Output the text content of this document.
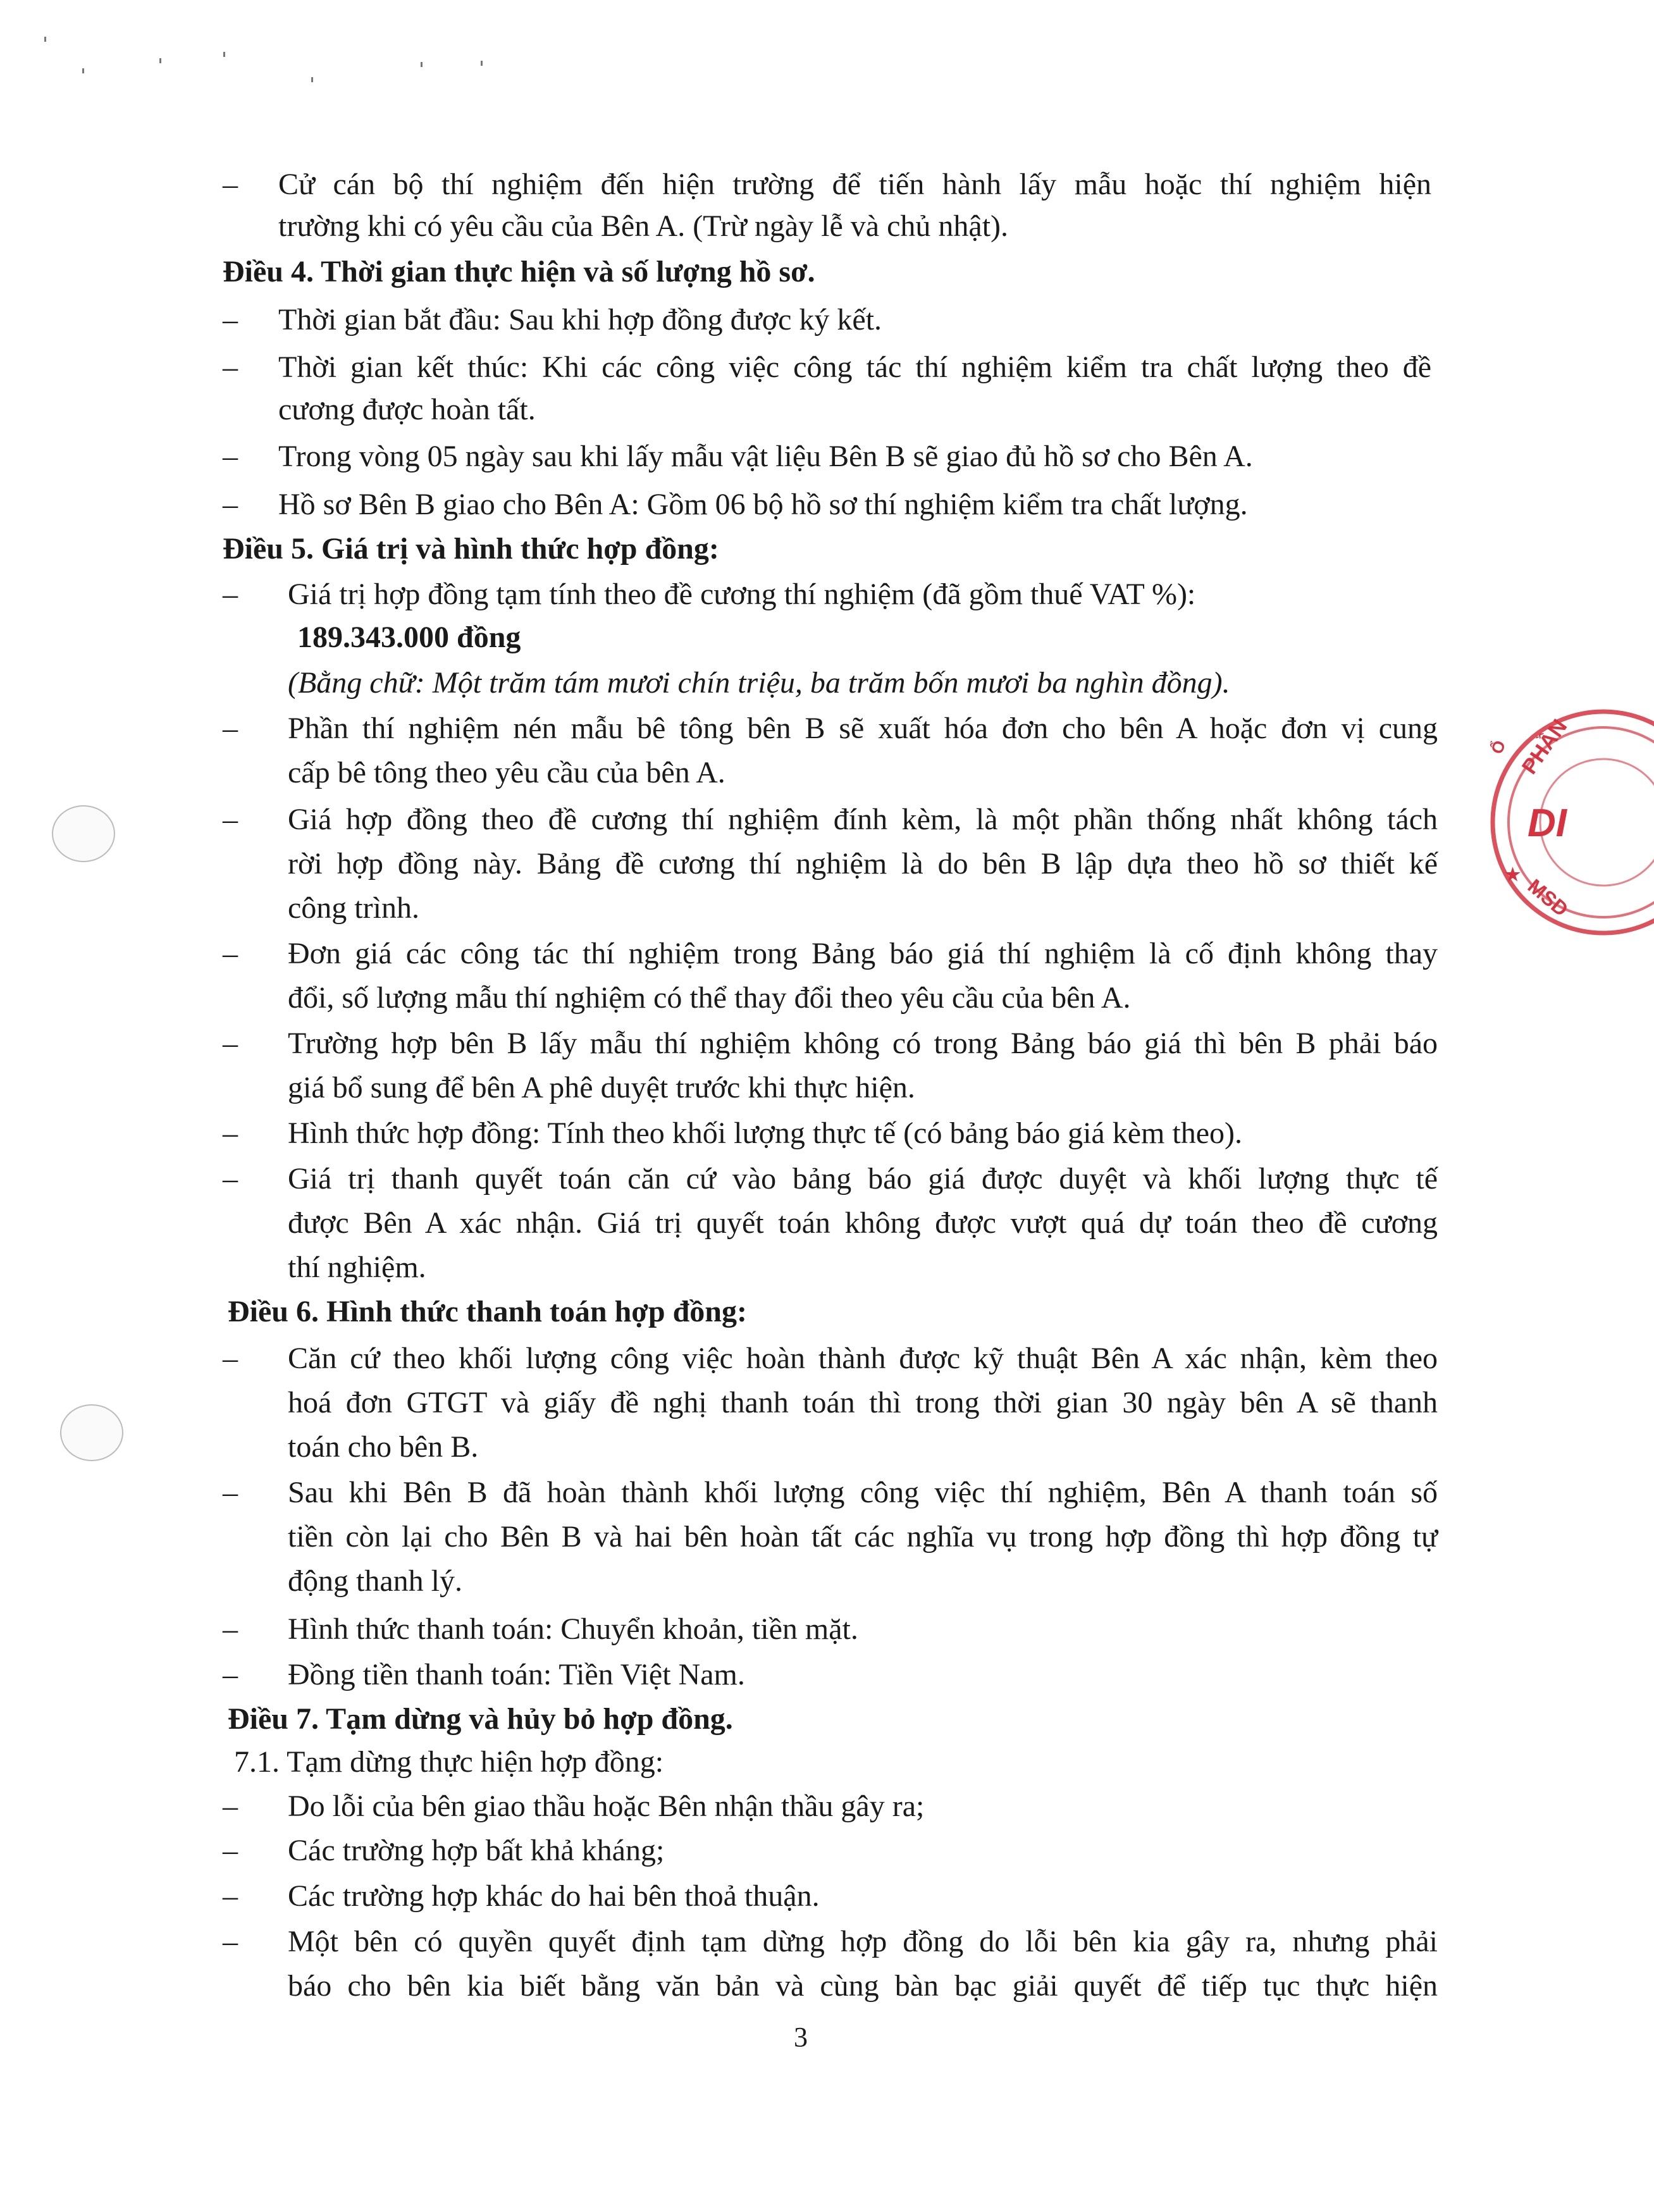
– Cử cán bộ thí nghiệm đến hiện trường để tiến hành lấy mẫu hoặc thí nghiệm hiện
trường khi có yêu cầu của Bên A. (Trừ ngày lễ và chủ nhật).
Điều 4. Thời gian thực hiện và số lượng hồ sơ.
– Thời gian bắt đầu: Sau khi hợp đồng được ký kết.
– Thời gian kết thúc: Khi các công việc công tác thí nghiệm kiểm tra chất lượng theo đề
cương được hoàn tất.
– Trong vòng 05 ngày sau khi lấy mẫu vật liệu Bên B sẽ giao đủ hồ sơ cho Bên A.
– Hồ sơ Bên B giao cho Bên A: Gồm 06 bộ hồ sơ thí nghiệm kiểm tra chất lượng.
Điều 5. Giá trị và hình thức hợp đồng:
– Giá trị hợp đồng tạm tính theo đề cương thí nghiệm (đã gồm thuế VAT %):
189.343.000 đồng
(Bằng chữ: Một trăm tám mươi chín triệu, ba trăm bốn mươi ba nghìn đồng).
– Phần thí nghiệm nén mẫu bê tông bên B sẽ xuất hóa đơn cho bên A hoặc đơn vị cung
cấp bê tông theo yêu cầu của bên A.
– Giá hợp đồng theo đề cương thí nghiệm đính kèm, là một phần thống nhất không tách
rời hợp đồng này. Bảng đề cương thí nghiệm là do bên B lập dựa theo hồ sơ thiết kế
công trình.
– Đơn giá các công tác thí nghiệm trong Bảng báo giá thí nghiệm là cố định không thay
đổi, số lượng mẫu thí nghiệm có thể thay đổi theo yêu cầu của bên A.
– Trường hợp bên B lấy mẫu thí nghiệm không có trong Bảng báo giá thì bên B phải báo
giá bổ sung để bên A phê duyệt trước khi thực hiện.
– Hình thức hợp đồng: Tính theo khối lượng thực tế (có bảng báo giá kèm theo).
– Giá trị thanh quyết toán căn cứ vào bảng báo giá được duyệt và khối lượng thực tế
được Bên A xác nhận. Giá trị quyết toán không được vượt quá dự toán theo đề cương
thí nghiệm.
Điều 6. Hình thức thanh toán hợp đồng:
– Căn cứ theo khối lượng công việc hoàn thành được kỹ thuật Bên A xác nhận, kèm theo
hoá đơn GTGT và giấy đề nghị thanh toán thì trong thời gian 30 ngày bên A sẽ thanh
toán cho bên B.
– Sau khi Bên B đã hoàn thành khối lượng công việc thí nghiệm, Bên A thanh toán số
tiền còn lại cho Bên B và hai bên hoàn tất các nghĩa vụ trong hợp đồng thì hợp đồng tự
động thanh lý.
– Hình thức thanh toán: Chuyển khoản, tiền mặt.
– Đồng tiền thanh toán: Tiền Việt Nam.
Điều 7. Tạm dừng và hủy bỏ hợp đồng.
7.1. Tạm dừng thực hiện hợp đồng:
– Do lỗi của bên giao thầu hoặc Bên nhận thầu gây ra;
– Các trường hợp bất khả kháng;
– Các trường hợp khác do hai bên thoả thuận.
– Một bên có quyền quyết định tạm dừng hợp đồng do lỗi bên kia gây ra, nhưng phải
báo cho bên kia biết bằng văn bản và cùng bàn bạc giải quyết để tiếp tục thực hiện
3
PHẦN
Ổ
DI
MSD
★
